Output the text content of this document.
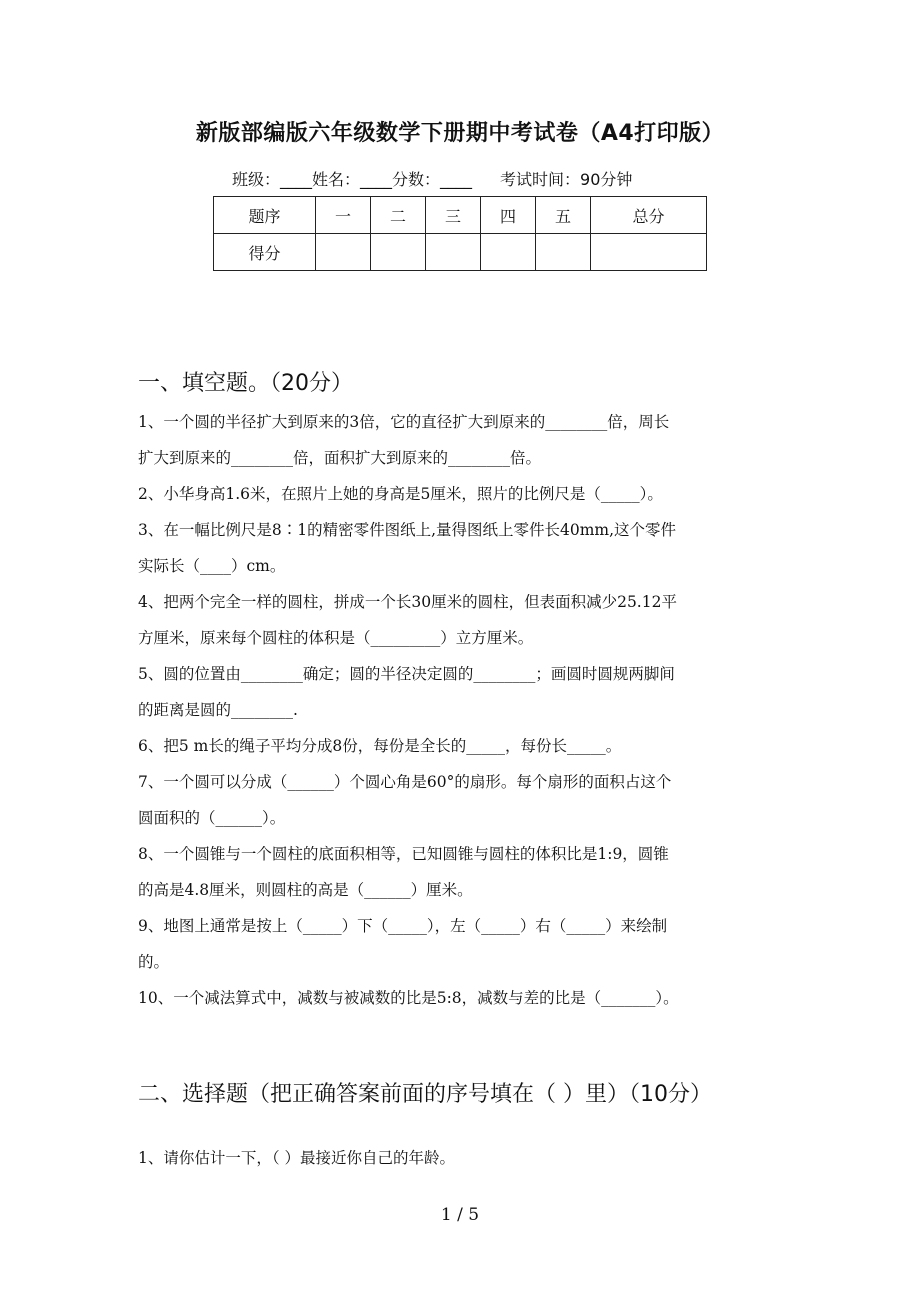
新版部编版六年级数学下册期中考试卷（A4打印版）
班级：____姓名：____分数：____ 考试时间：90分钟
题序	一	二	三	四	五	总分
得分						
一、填空题。（20分）
1、一个圆的半径扩大到原来的3倍，它的直径扩大到原来的________倍，周长
扩大到原来的________倍，面积扩大到原来的________倍。
2、小华身高1.6米，在照片上她的身高是5厘米，照片的比例尺是（_____）。
3、在一幅比例尺是8∶1的精密零件图纸上,量得图纸上零件长40mm,这个零件
实际长（____）cm。
4、把两个完全一样的圆柱，拼成一个长30厘米的圆柱，但表面积减少25.12平
方厘米，原来每个圆柱的体积是（_________）立方厘米。
5、圆的位置由________确定；圆的半径决定圆的________；画圆时圆规两脚间
的距离是圆的________.
6、把5 m长的绳子平均分成8份，每份是全长的_____，每份长_____。
7、一个圆可以分成（______）个圆心角是60°的扇形。每个扇形的面积占这个
圆面积的（______）。
8、一个圆锥与一个圆柱的底面积相等，已知圆锥与圆柱的体积比是1:9，圆锥
的高是4.8厘米，则圆柱的高是（______）厘米。
9、地图上通常是按上（_____）下（_____），左（_____）右（_____）来绘制
的。
10、一个减法算式中，减数与被减数的比是5:8，减数与差的比是（_______）。
二、选择题（把正确答案前面的序号填在（ ）里）（10分）
1、请你估计一下，（ ）最接近你自己的年龄。
1 / 5
